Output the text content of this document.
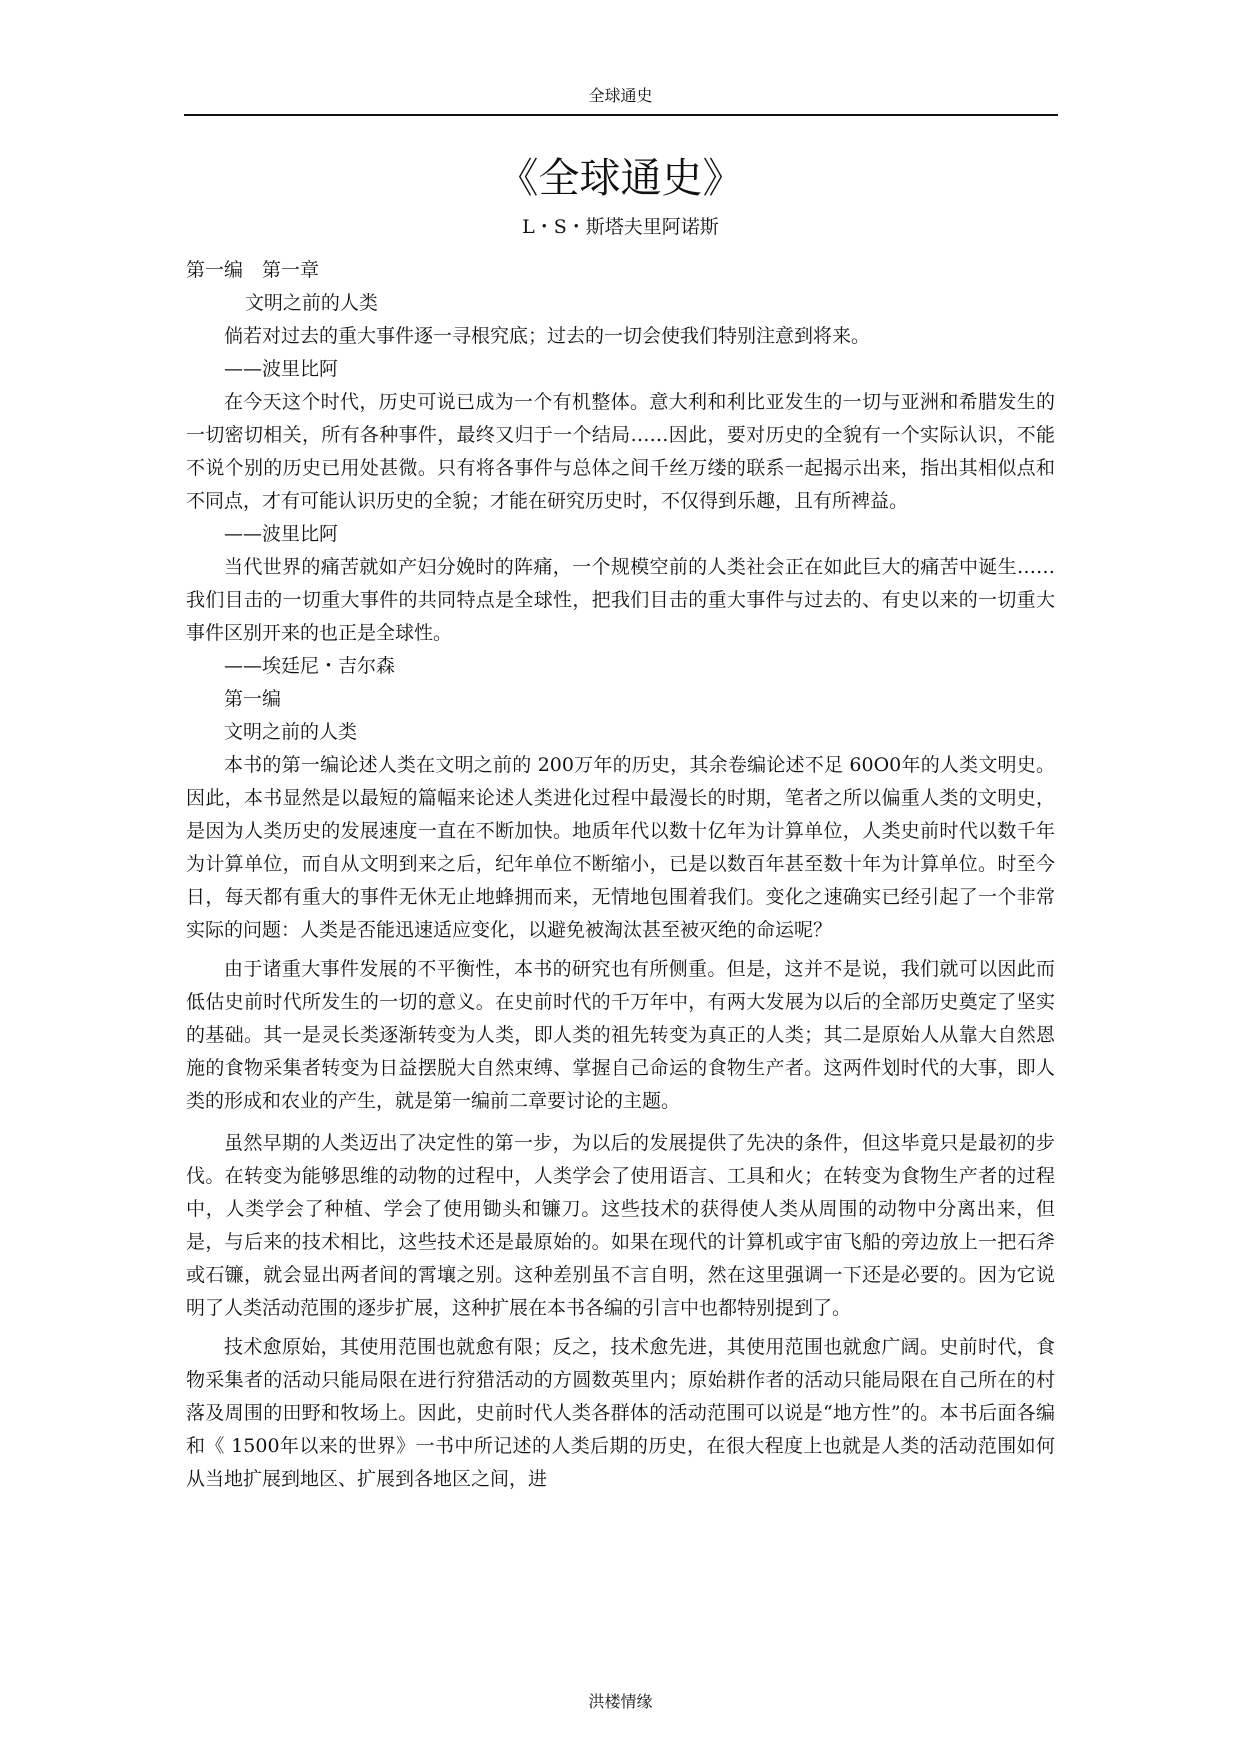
全球通史
《全球通史》
L・S・斯塔夫里阿诺斯

第一编　第一章

文明之前的人类

倘若对过去的重大事件逐一寻根究底；过去的一切会使我们特别注意到将来。

——波里比阿

在今天这个时代，历史可说已成为一个有机整体。意大利和利比亚发生的一切与亚洲和希腊发生的一切密切相关，所有各种事件，最终又归于一个结局……因此，要对历史的全貌有一个实际认识，不能不说个别的历史已用处甚微。只有将各事件与总体之间千丝万缕的联系一起揭示出来，指出其相似点和不同点，才有可能认识历史的全貌；才能在研究历史时，不仅得到乐趣，且有所裨益。

——波里比阿

当代世界的痛苦就如产妇分娩时的阵痛，一个规模空前的人类社会正在如此巨大的痛苦中诞生……我们目击的一切重大事件的共同特点是全球性，把我们目击的重大事件与过去的、有史以来的一切重大事件区别开来的也正是全球性。

——埃廷尼・吉尔森

第一编

文明之前的人类

本书的第一编论述人类在文明之前的 200万年的历史，其余卷编论述不足 60O0年的人类文明史。因此，本书显然是以最短的篇幅来论述人类进化过程中最漫长的时期，笔者之所以偏重人类的文明史，是因为人类历史的发展速度一直在不断加快。地质年代以数十亿年为计算单位，人类史前时代以数千年为计算单位，而自从文明到来之后，纪年单位不断缩小，已是以数百年甚至数十年为计算单位。时至今日，每天都有重大的事件无休无止地蜂拥而来，无情地包围着我们。变化之速确实已经引起了一个非常实际的问题：人类是否能迅速适应变化，以避免被淘汰甚至被灭绝的命运呢？

由于诸重大事件发展的不平衡性，本书的研究也有所侧重。但是，这并不是说，我们就可以因此而低估史前时代所发生的一切的意义。在史前时代的千万年中，有两大发展为以后的全部历史奠定了坚实的基础。其一是灵长类逐渐转变为人类，即人类的祖先转变为真正的人类；其二是原始人从靠大自然恩施的食物采集者转变为日益摆脱大自然束缚、掌握自己命运的食物生产者。这两件划时代的大事，即人类的形成和农业的产生，就是第一编前二章要讨论的主题。

虽然早期的人类迈出了决定性的第一步，为以后的发展提供了先决的条件，但这毕竟只是最初的步伐。在转变为能够思维的动物的过程中，人类学会了使用语言、工具和火；在转变为食物生产者的过程中，人类学会了种植、学会了使用锄头和镰刀。这些技术的获得使人类从周围的动物中分离出来，但是，与后来的技术相比，这些技术还是最原始的。如果在现代的计算机或宇宙飞船的旁边放上一把石斧或石镰，就会显出两者间的霄壤之别。这种差别虽不言自明，然在这里强调一下还是必要的。因为它说明了人类活动范围的逐步扩展，这种扩展在本书各编的引言中也都特别提到了。

技术愈原始，其使用范围也就愈有限；反之，技术愈先进，其使用范围也就愈广阔。史前时代，食物采集者的活动只能局限在进行狩猎活动的方圆数英里内；原始耕作者的活动只能局限在自己所在的村落及周围的田野和牧场上。因此，史前时代人类各群体的活动范围可以说是“地方性”的。本书后面各编和《 1500年以来的世界》一书中所记述的人类后期的历史，在很大程度上也就是人类的活动范围如何从当地扩展到地区、扩展到各地区之间，进

洪楼情缘
